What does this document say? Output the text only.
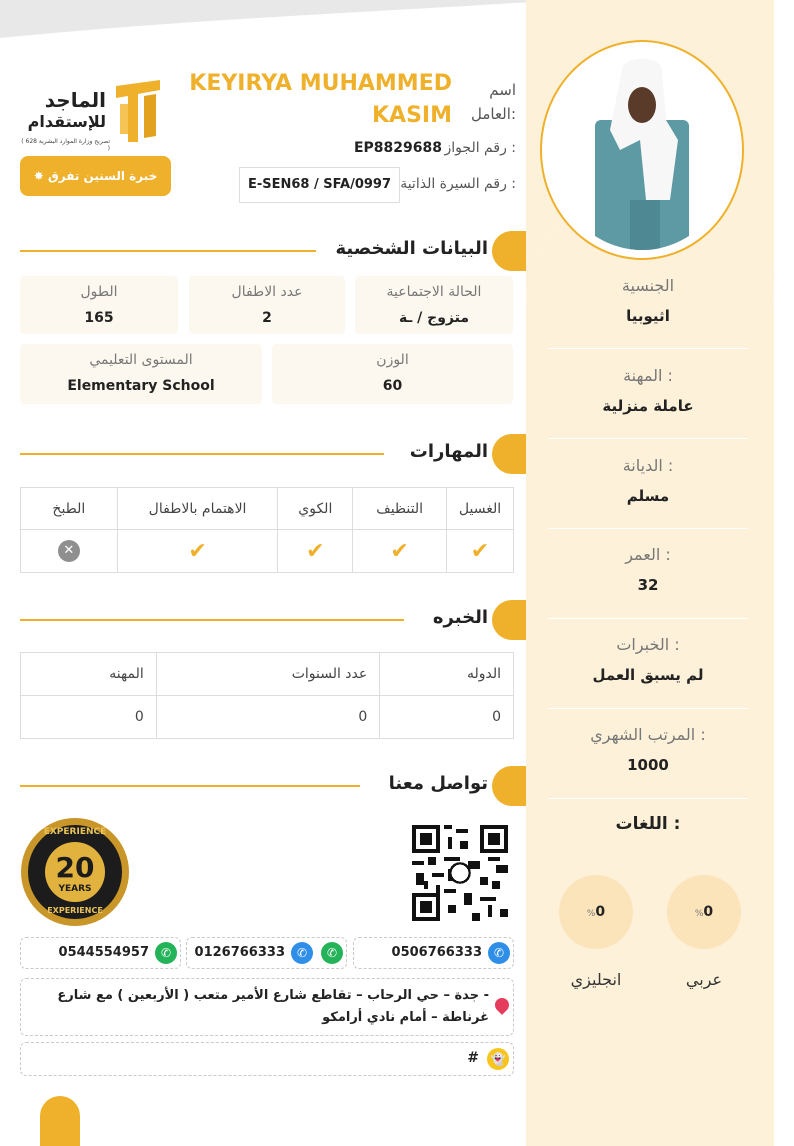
الجنسية
اثيوبيا
المهنة :
عاملة منزلية
الديانة :
مسلم
العمر :
32
الخبرات :
لم يسبق العمل
المرتب الشهري :
1000
اللغات :
%0
عربي
%0
انجليزي
الماجد
للإستقدام
( تصريح وزارة الموارد البشرية 628 )
✸ خبرة السنين تفرق
اسم العامل:
KEYIRYA MUHAMMED KASIM
رقم الجواز :
EP8829688
رقم السيرة الذاتية :
E-SEN68 / SFA/0997
البيانات الشخصية
الحالة الاجتماعية
متزوج / ـة
عدد الاطفال
2
الطول
165
الوزن
60
المستوى التعليمي
Elementary School
المهارات
الطبخ	الاهتمام بالاطفال	الكوي	التنظيف	الغسيل
✕	✔	✔	✔	✔
الخبره
المهنه	عدد السنوات	الدوله
0	0	0
تواصل معنا
EXPERIENCE
20
YEARS
EXPERIENCE
✆
0506766333
✆
✆
0126766333
✆
0544554957
- جدة – حي الرحاب – تقاطع شارع الأمير متعب ( الأربعين ) مع شارع غرناطة – أمام نادي أرامكو
👻
#
